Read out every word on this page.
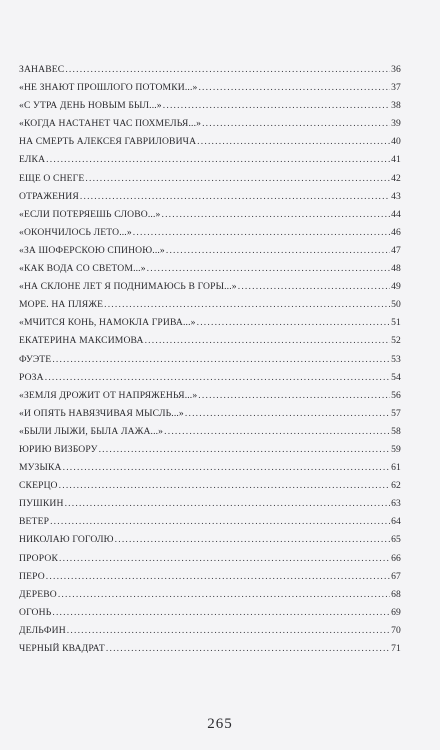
ЗАНАВЕС .....	36
«НЕ ЗНАЮТ ПРОШЛОГО ПОТОМКИ...» .....	37
«С УТРА ДЕНЬ НОВЫМ БЫЛ...» .....	38
«КОГДА НАСТАНЕТ ЧАС ПОХМЕЛЬЯ...» .....	39
НА СМЕРТЬ АЛЕКСЕЯ ГАВРИЛОВИЧА .....	40
ЕЛКА .....	41
ЕЩЕ О СНЕГЕ .....	42
ОТРАЖЕНИЯ .....	43
«ЕСЛИ ПОТЕРЯЕШЬ СЛОВО...» .....	44
«ОКОНЧИЛОСЬ ЛЕТО...» .....	46
«ЗА ШОФЕРСКОЮ СПИНОЮ...» .....	47
«КАК ВОДА СО СВЕТОМ...» .....	48
«НА СКЛОНЕ ЛЕТ Я ПОДНИМАЮСЬ В ГОРЫ...» .....	49
МОРЕ. НА ПЛЯЖЕ .....	50
«МЧИТСЯ КОНЬ, НАМОКЛА ГРИВА...» .....	51
ЕКАТЕРИНА МАКСИМОВА .....	52
ФУЭТЕ .....	53
РОЗА .....	54
«ЗЕМЛЯ ДРОЖИТ ОТ НАПРЯЖЕНЬЯ...» .....	56
«И ОПЯТЬ НАВЯЗЧИВАЯ МЫСЛЬ...» .....	57
«БЫЛИ ЛЫЖИ, БЫЛА ЛАЖА...» .....	58
ЮРИЮ ВИЗБОРУ .....	59
МУЗЫКА .....	61
СКЕРЦО .....	62
ПУШКИН .....	63
ВЕТЕР .....	64
НИКОЛАЮ ГОГОЛЮ .....	65
ПРОРОК .....	66
ПЕРО .....	67
ДЕРЕВО .....	68
ОГОНЬ .....	69
ДЕЛЬФИН .....	70
ЧЕРНЫЙ КВАДРАТ .....	71
265
